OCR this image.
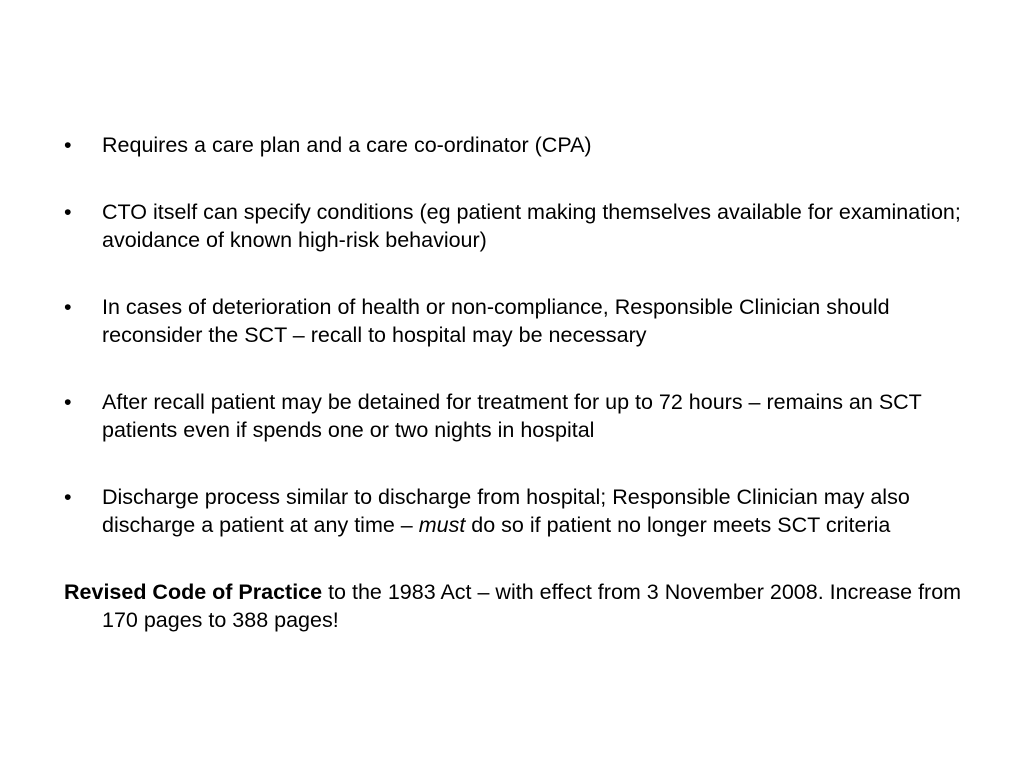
•	Requires a care plan and a care co-ordinator (CPA)
•	CTO itself can specify conditions (eg patient making themselves available for examination; avoidance of known high-risk behaviour)
•	In cases of deterioration of health or non-compliance, Responsible Clinician should reconsider the SCT – recall to hospital may be necessary
•	After recall patient may be detained for treatment for up to 72 hours – remains an SCT patients even if spends one or two nights in hospital
•	Discharge process similar to discharge from hospital; Responsible Clinician may also discharge a patient at any time – must do so if patient no longer meets SCT criteria
Revised Code of Practice to the 1983 Act – with effect from 3 November 2008. Increase from 170 pages to 388 pages!
